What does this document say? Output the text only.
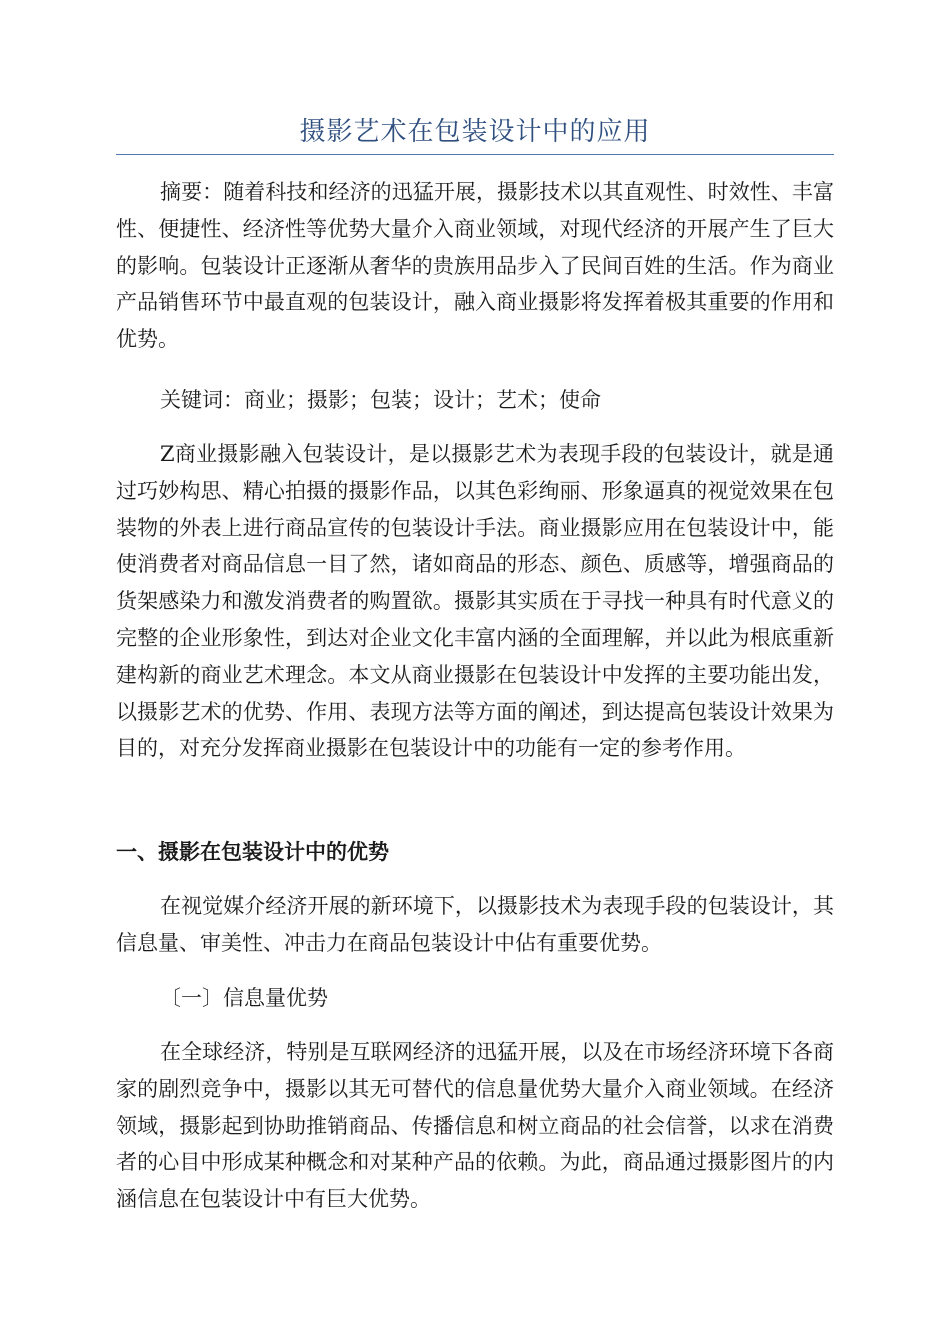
摄影艺术在包装设计中的应用

摘要：随着科技和经济的迅猛开展，摄影技术以其直观性、时效性、丰富性、便捷性、经济性等优势大量介入商业领域，对现代经济的开展产生了巨大的影响。包装设计正逐渐从奢华的贵族用品步入了民间百姓的生活。作为商业产品销售环节中最直观的包装设计，融入商业摄影将发挥着极其重要的作用和优势。

关键词：商业；摄影；包装；设计；艺术；使命

Z商业摄影融入包装设计，是以摄影艺术为表现手段的包装设计，就是通过巧妙构思、精心拍摄的摄影作品，以其色彩绚丽、形象逼真的视觉效果在包装物的外表上进行商品宣传的包装设计手法。商业摄影应用在包装设计中，能使消费者对商品信息一目了然，诸如商品的形态、颜色、质感等，增强商品的货架感染力和激发消费者的购置欲。摄影其实质在于寻找一种具有时代意义的完整的企业形象性，到达对企业文化丰富内涵的全面理解，并以此为根底重新建构新的商业艺术理念。本文从商业摄影在包装设计中发挥的主要功能出发，以摄影艺术的优势、作用、表现方法等方面的阐述，到达提高包装设计效果为目的，对充分发挥商业摄影在包装设计中的功能有一定的参考作用。

一、摄影在包装设计中的优势

在视觉媒介经济开展的新环境下，以摄影技术为表现手段的包装设计，其信息量、审美性、冲击力在商品包装设计中佔有重要优势。

〔一〕信息量优势

在全球经济，特别是互联网经济的迅猛开展，以及在市场经济环境下各商家的剧烈竞争中，摄影以其无可替代的信息量优势大量介入商业领域。在经济领域，摄影起到协助推销商品、传播信息和树立商品的社会信誉，以求在消费者的心目中形成某种概念和对某种产品的依赖。为此，商品通过摄影图片的内涵信息在包装设计中有巨大优势。
